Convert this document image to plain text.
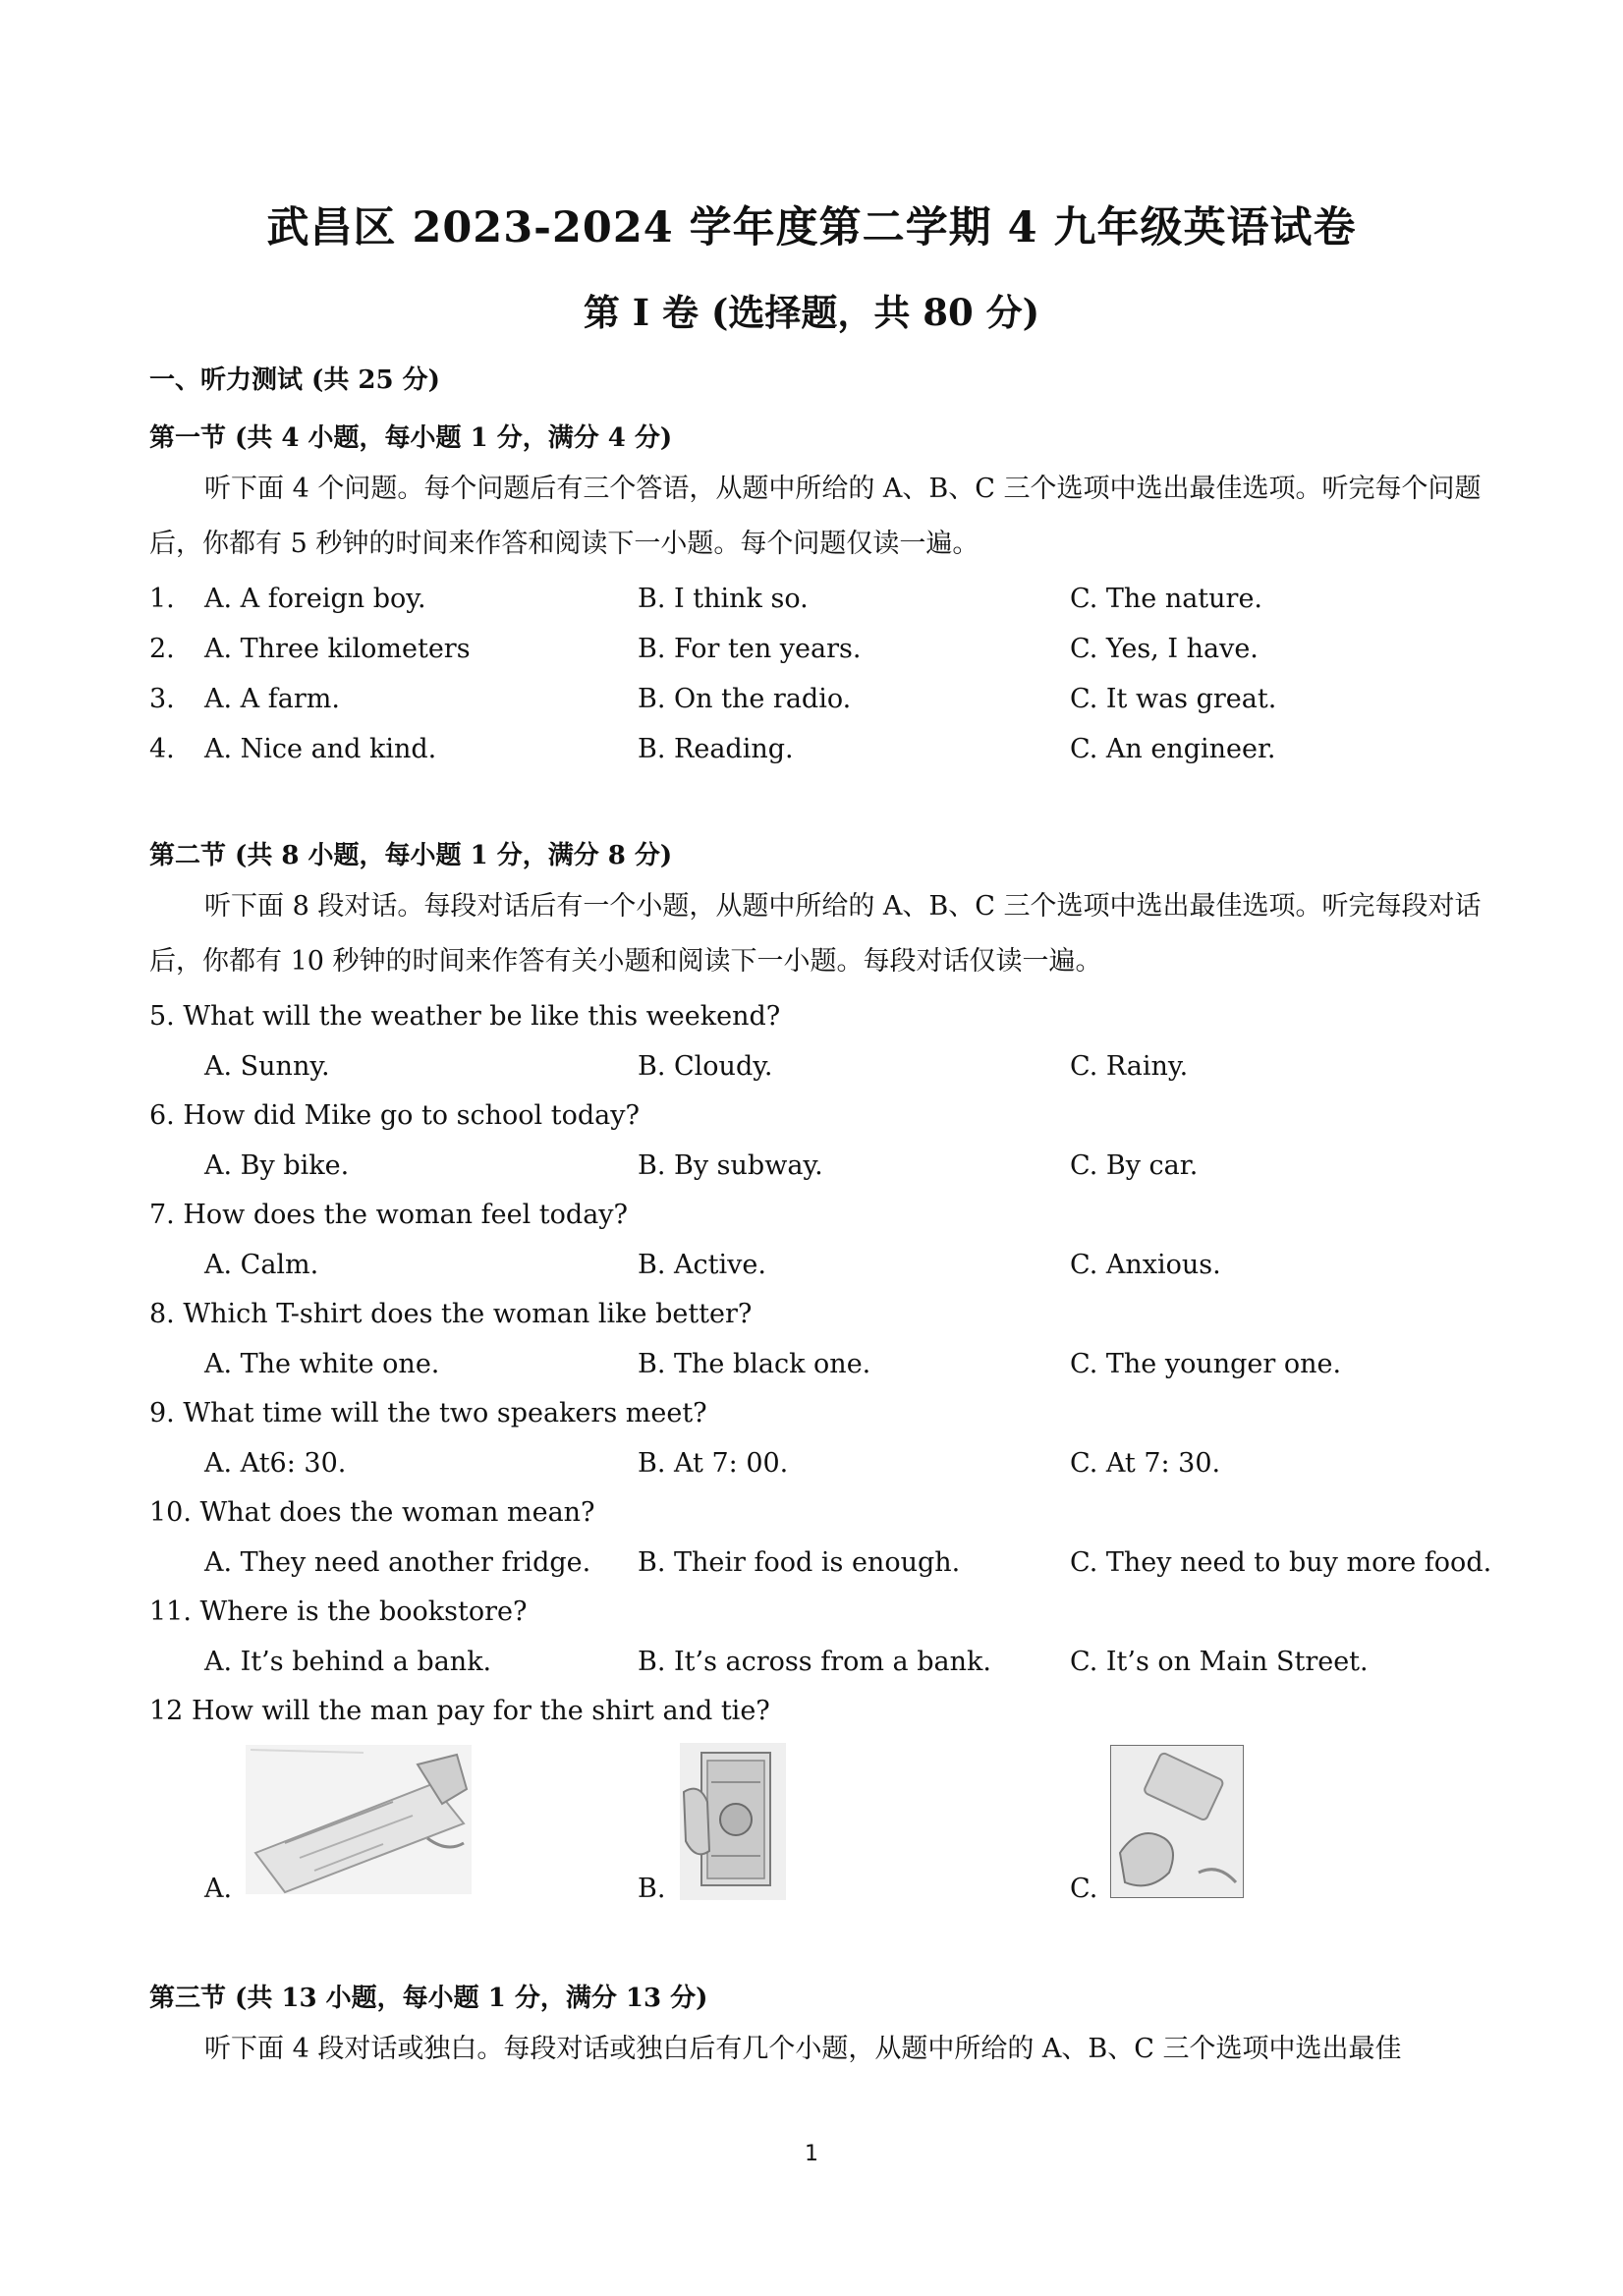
武昌区 2023-2024 学年度第二学期 4 九年级英语试卷
第 I 卷 (选择题，共 80 分)
一、听力测试 (共 25 分)
第一节 (共 4 小题，每小题 1 分，满分 4 分)
听下面 4 个问题。每个问题后有三个答语，从题中所给的 A、B、C 三个选项中选出最佳选项。听完每个问题后，你都有 5 秒钟的时间来作答和阅读下一小题。每个问题仅读一遍。
1. A. A foreign boy.	B. I think so.	C. The nature.
2. A. Three kilometers	B. For ten years.	C. Yes, I have.
3. A. A farm.	B. On the radio.	C. It was great.
4. A. Nice and kind.	B. Reading.	C. An engineer.
第二节 (共 8 小题，每小题 1 分，满分 8 分)
听下面 8 段对话。每段对话后有一个小题，从题中所给的 A、B、C 三个选项中选出最佳选项。听完每段对话后，你都有 10 秒钟的时间来作答有关小题和阅读下一小题。每段对话仅读一遍。
5. What will the weather be like this weekend?
A. Sunny.	B. Cloudy.	C. Rainy.
6. How did Mike go to school today?
A. By bike.	B. By subway.	C. By car.
7. How does the woman feel today?
A. Calm.	B. Active.	C. Anxious.
8. Which T-shirt does the woman like better?
A. The white one.	B. The black one.	C. The younger one.
9. What time will the two speakers meet?
A. At6: 30.	B. At 7: 00.	C. At 7: 30.
10. What does the woman mean?
A. They need another fridge. B. Their food is enough.	C. They need to buy more food.
11. Where is the bookstore?
A. It’s behind a bank.	B. It’s across from a bank.	C. It’s on Main Street.
12 How will the man pay for the shirt and tie?
A.	B.	C.
第三节 (共 13 小题，每小题 1 分，满分 13 分)
听下面 4 段对话或独白。每段对话或独白后有几个小题，从题中所给的 A、B、C 三个选项中选出最佳
1
